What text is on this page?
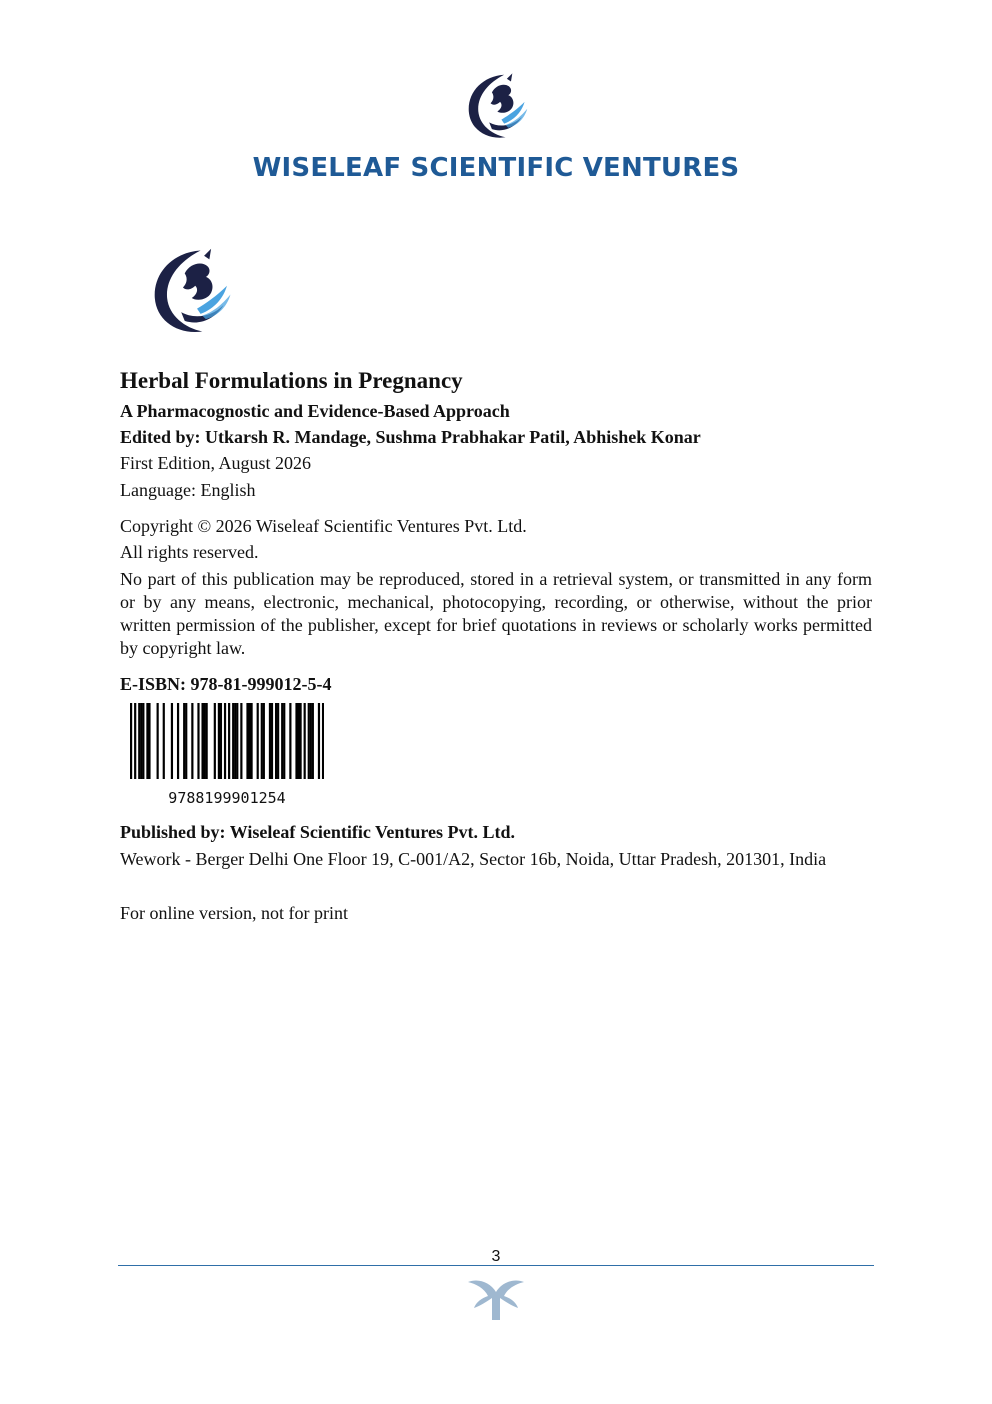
WISELEAF SCIENTIFIC VENTURES
Herbal Formulations in Pregnancy
A Pharmacognostic and Evidence-Based Approach
Edited by: Utkarsh R. Mandage, Sushma Prabhakar Patil, Abhishek Konar
First Edition, August 2026
Language: English
Copyright © 2026 Wiseleaf Scientific Ventures Pvt. Ltd.
All rights reserved.
No part of this publication may be reproduced, stored in a retrieval system, or transmitted in any form or by any means, electronic, mechanical, photocopying, recording, or otherwise, without the prior written permission of the publisher, except for brief quotations in reviews or scholarly works permitted by copyright law.
E-ISBN: 978-81-999012-5-4
9788199901254
Published by: Wiseleaf Scientific Ventures Pvt. Ltd.
Wework - Berger Delhi One Floor 19, C-001/A2, Sector 16b, Noida, Uttar Pradesh, 201301, India
For online version, not for print
3
